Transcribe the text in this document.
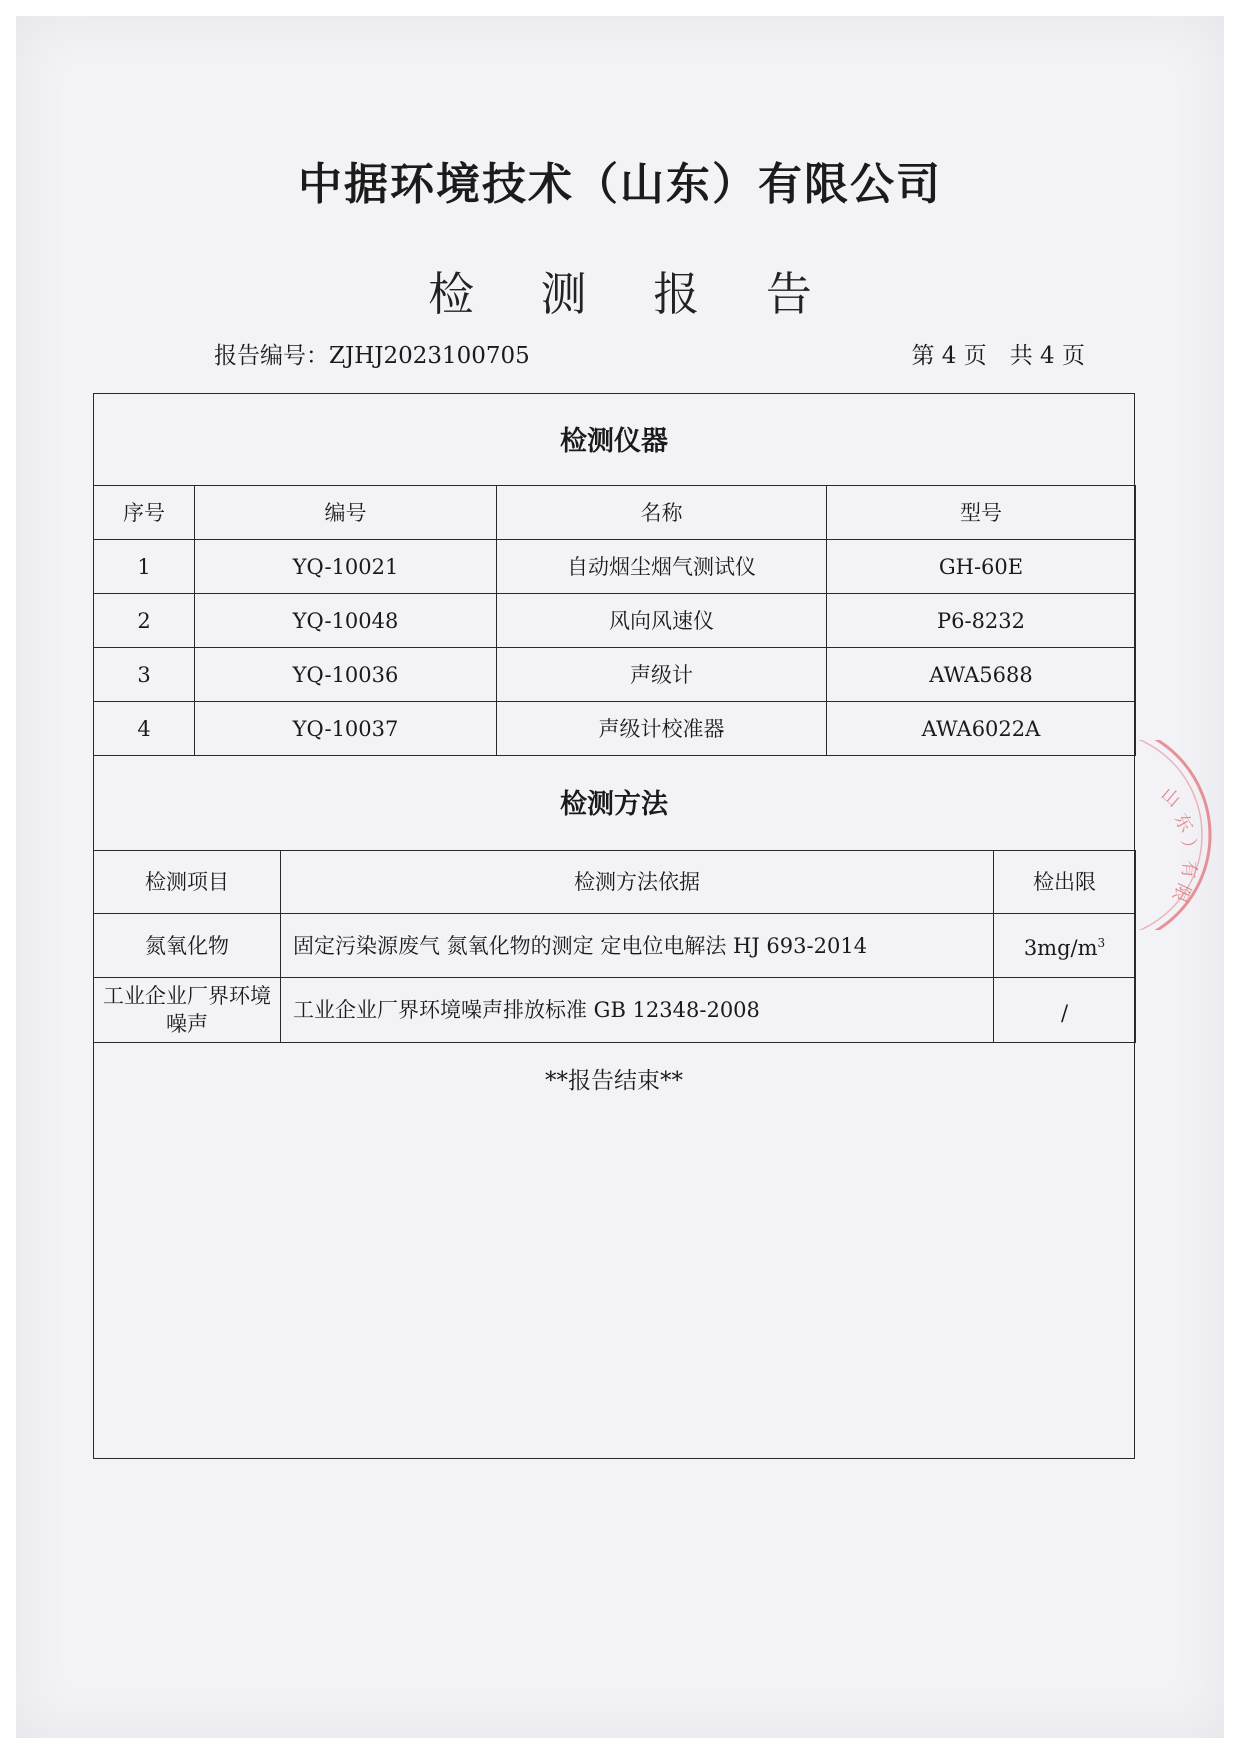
中据环境技术（山东）有限公司
检 测 报 告
报告编号：ZJHJ2023100705	第 4 页　共 4 页
检测仪器
序号	编号	名称	型号
1	YQ-10021	自动烟尘烟气测试仪	GH-60E
2	YQ-10048	风向风速仪	P6-8232
3	YQ-10036	声级计	AWA5688
4	YQ-10037	声级计校准器	AWA6022A
检测方法
检测项目	检测方法依据	检出限
氮氧化物	固定污染源废气 氮氧化物的测定 定电位电解法 HJ 693-2014	$3mg/m^3$
工业企业厂界环境噪声	工业企业厂界环境噪声排放标准 GB 12348-2008	/
**报告结束**
山
东
）
有
限
